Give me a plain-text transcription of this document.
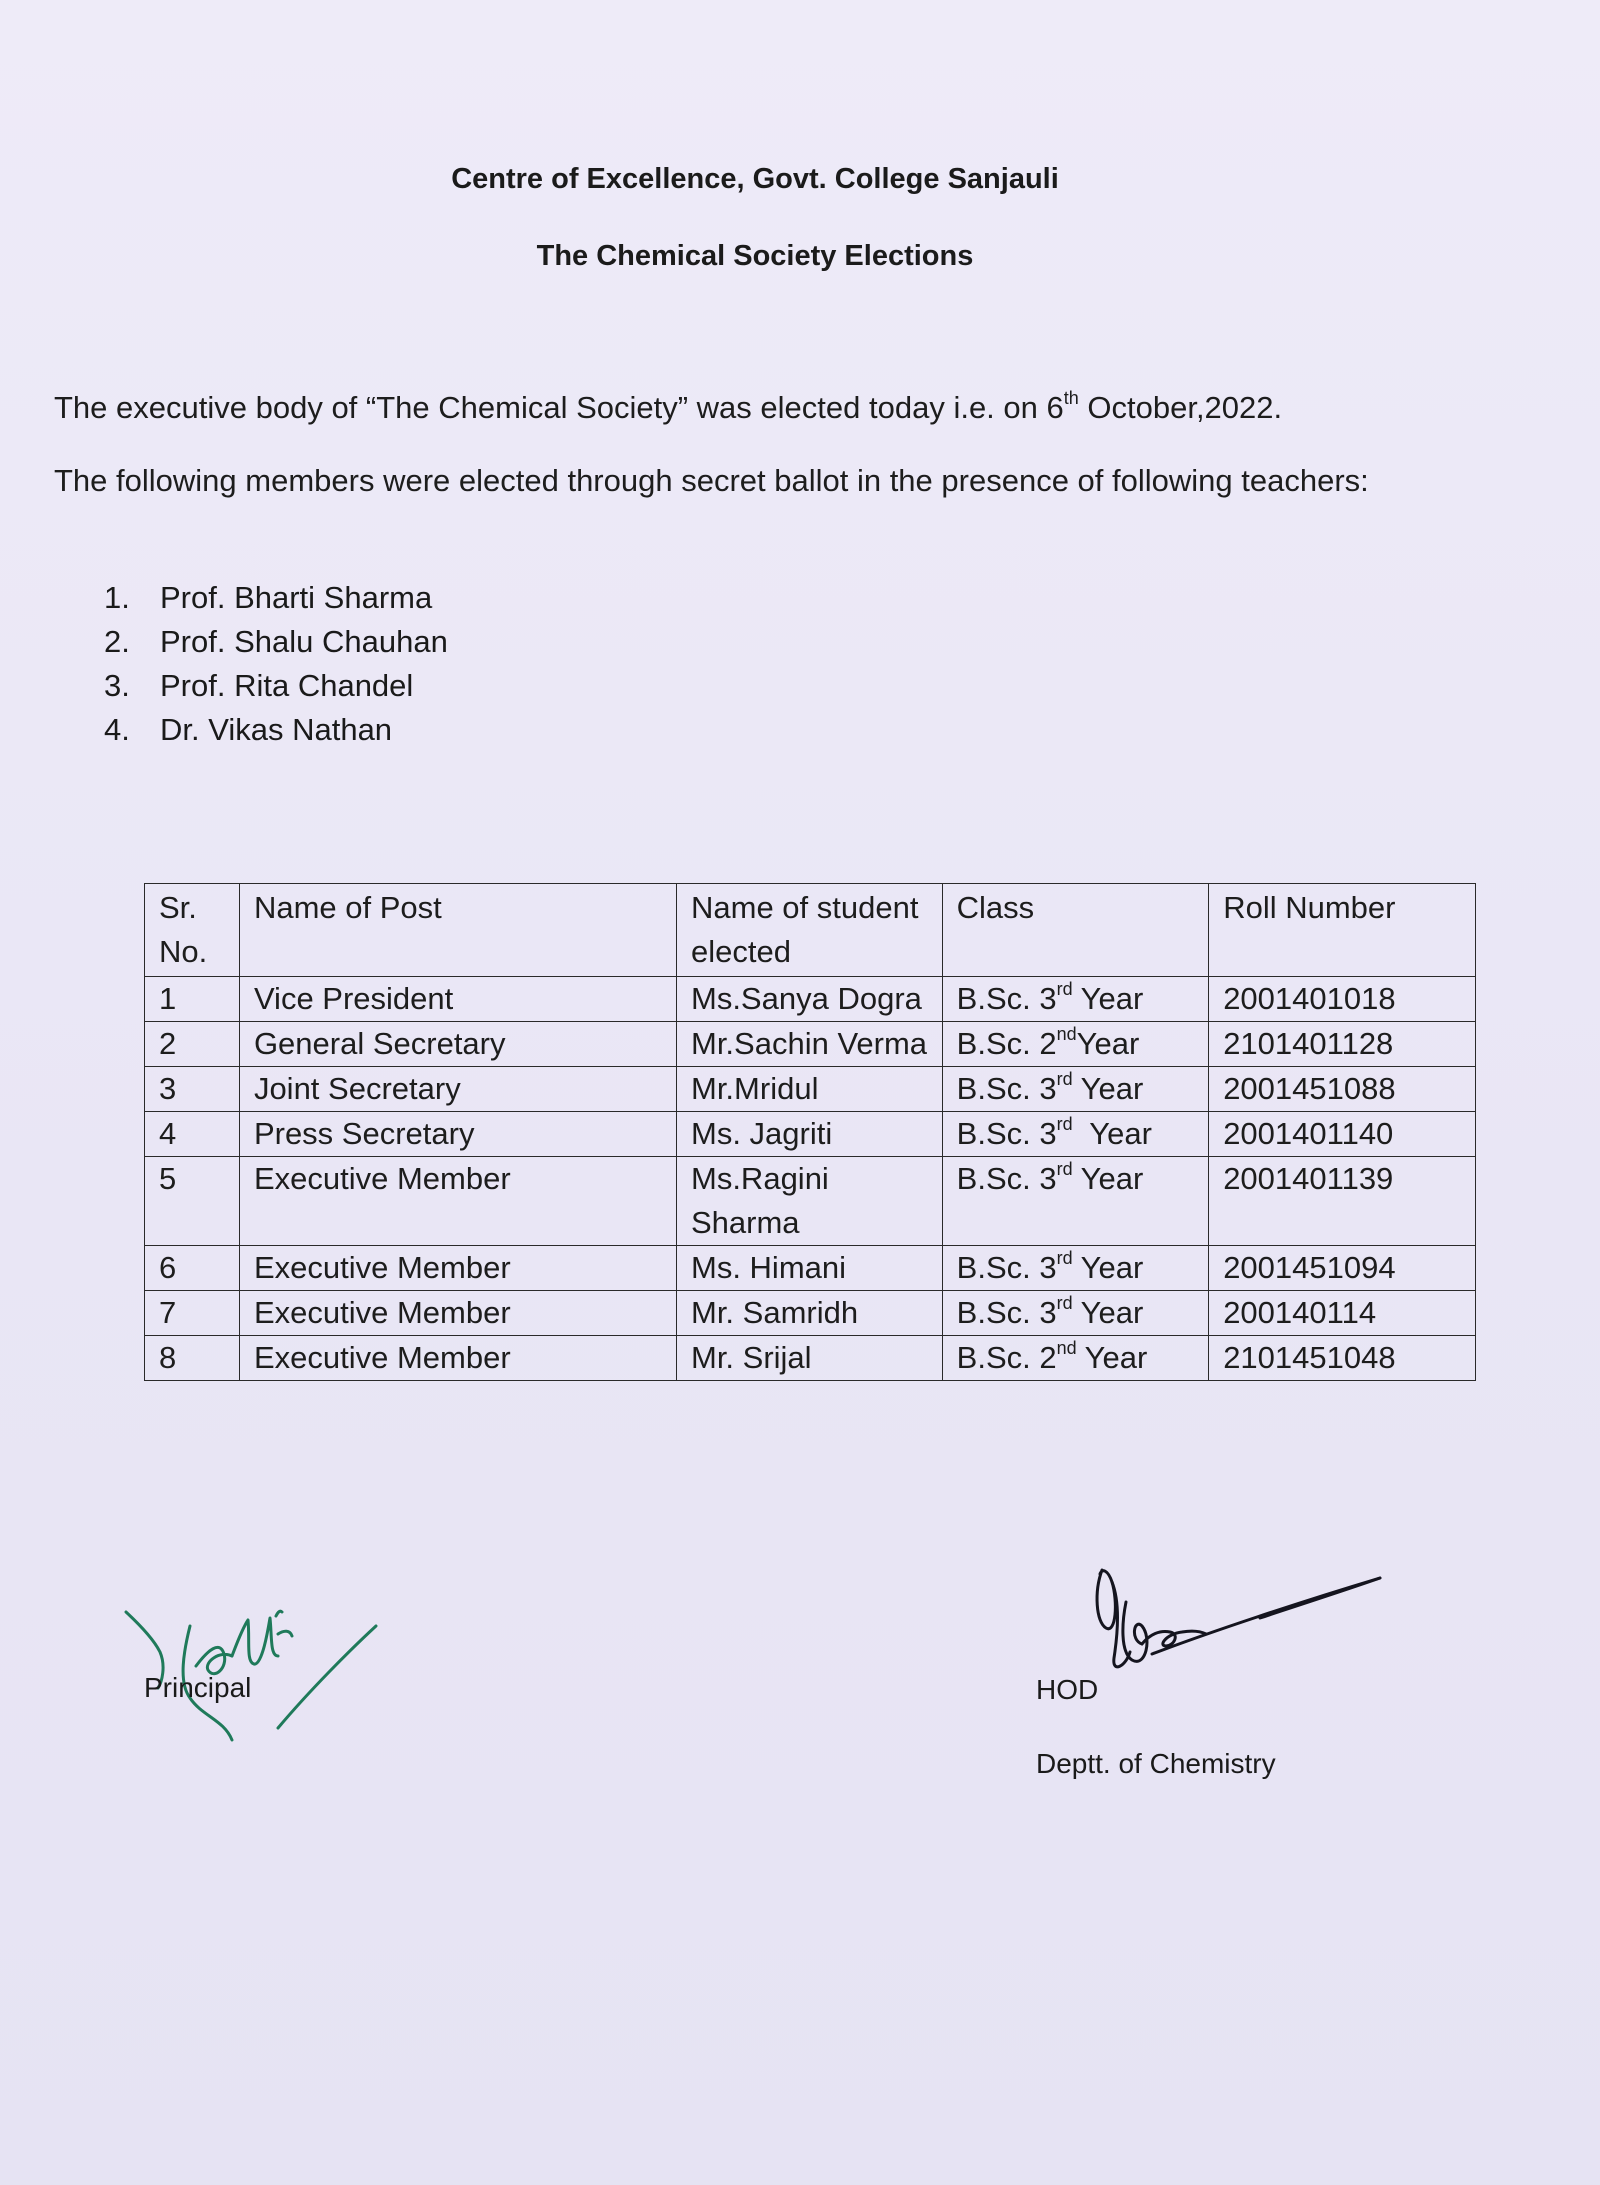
Centre of Excellence, Govt. College Sanjauli
The Chemical Society Elections
The executive body of “The Chemical Society” was elected today i.e. on 6th October,2022.
The following members were elected through secret ballot in the presence of following teachers:
1. Prof. Bharti Sharma
2. Prof. Shalu Chauhan
3. Prof. Rita Chandel
4. Dr. Vikas Nathan
Sr. No.	Name of Post	Name of student elected	Class	Roll Number
1	Vice President	Ms.Sanya Dogra	B.Sc. 3rd Year	2001401018
2	General Secretary	Mr.Sachin Verma	B.Sc. 2ndYear	2101401128
3	Joint Secretary	Mr.Mridul	B.Sc. 3rd Year	2001451088
4	Press Secretary	Ms. Jagriti	B.Sc. 3rd  Year	2001401140
5	Executive Member	Ms.Ragini Sharma	B.Sc. 3rd Year	2001401139
6	Executive Member	Ms. Himani	B.Sc. 3rd Year	2001451094
7	Executive Member	Mr. Samridh	B.Sc. 3rd Year	200140114
8	Executive Member	Mr. Srijal	B.Sc. 2nd Year	2101451048
Principal	HOD
Deptt. of Chemistry
